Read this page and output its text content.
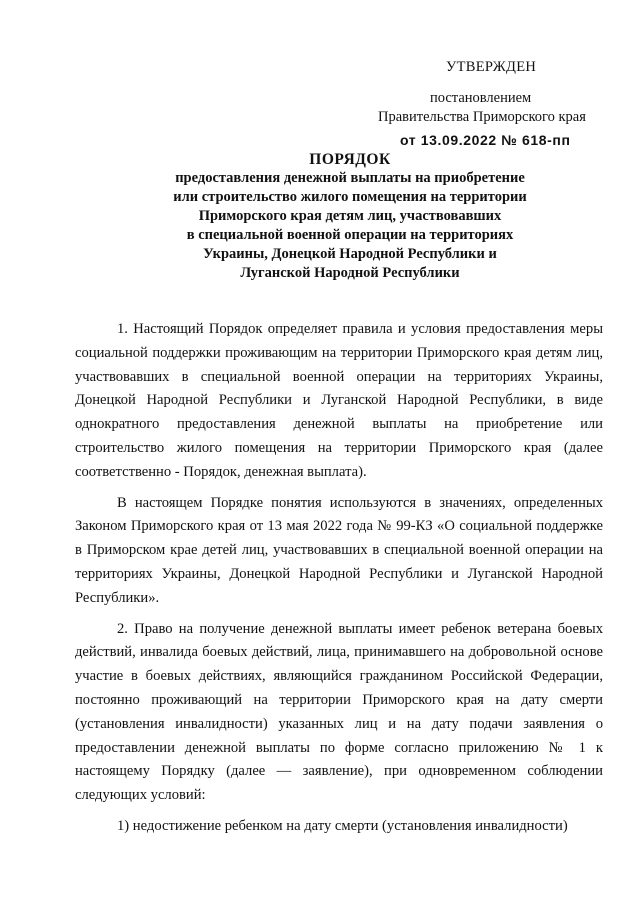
УТВЕРЖДЕН
постановлением
Правительства Приморского края
от 13.09.2022 № 618-пп
ПОРЯДОК
предоставления денежной выплаты на приобретение
или строительство жилого помещения на территории
Приморского края детям лиц, участвовавших
в специальной военной операции на территориях
Украины, Донецкой Народной Республики и
Луганской Народной Республики

1. Настоящий Порядок определяет правила и условия предоставления меры социальной поддержки проживающим на территории Приморского края детям лиц, участвовавших в специальной военной операции на территориях Украины, Донецкой Народной Республики и Луганской Народной Республики, в виде однократного предоставления денежной выплаты на приобретение или строительство жилого помещения на территории Приморского края (далее соответственно - Порядок, денежная выплата).

В настоящем Порядке понятия используются в значениях, определенных Законом Приморского края от 13 мая 2022 года № 99-КЗ «О социальной поддержке в Приморском крае детей лиц, участвовавших в специальной военной операции на территориях Украины, Донецкой Народной Республики и Луганской Народной Республики».

2. Право на получение денежной выплаты имеет ребенок ветерана боевых действий, инвалида боевых действий, лица, принимавшего на добровольной основе участие в боевых действиях, являющийся гражданином Российской Федерации, постоянно проживающий на территории Приморского края на дату смерти (установления инвалидности) указанных лиц и на дату подачи заявления о предоставлении денежной выплаты по форме согласно приложению № 1 к настоящему Порядку (далее — заявление), при одновременном соблюдении следующих условий:

1) недостижение ребенком на дату смерти (установления инвалидности)
